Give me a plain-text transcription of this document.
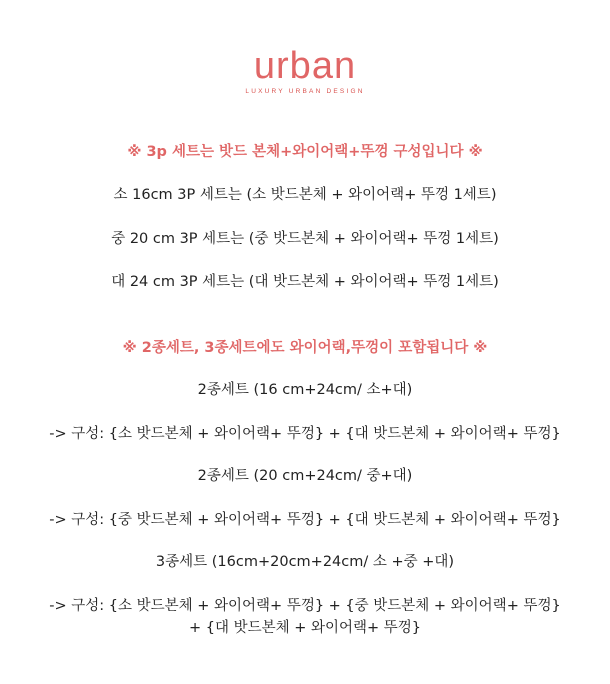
urban
LUXURY URBAN DESIGN
※ 3p 세트는 밧드 본체+와이어랙+뚜껑 구성입니다 ※
소 16cm 3P 세트는 (소 밧드본체 + 와이어랙+ 뚜껑 1세트)
중 20 cm 3P 세트는 (중 밧드본체 + 와이어랙+ 뚜껑 1세트)
대 24 cm 3P 세트는 (대 밧드본체 + 와이어랙+ 뚜껑 1세트)
※ 2종세트, 3종세트에도 와이어랙,뚜껑이 포함됩니다 ※
2종세트 (16 cm+24cm/ 소+대)
-> 구성: {소 밧드본체 + 와이어랙+ 뚜껑} + {대 밧드본체 + 와이어랙+ 뚜껑}
2종세트 (20 cm+24cm/ 중+대)
-> 구성: {중 밧드본체 + 와이어랙+ 뚜껑} + {대 밧드본체 + 와이어랙+ 뚜껑}
3종세트 (16cm+20cm+24cm/ 소 +중 +대)
-> 구성: {소 밧드본체 + 와이어랙+ 뚜껑} + {중 밧드본체 + 와이어랙+ 뚜껑}
+ {대 밧드본체 + 와이어랙+ 뚜껑}
